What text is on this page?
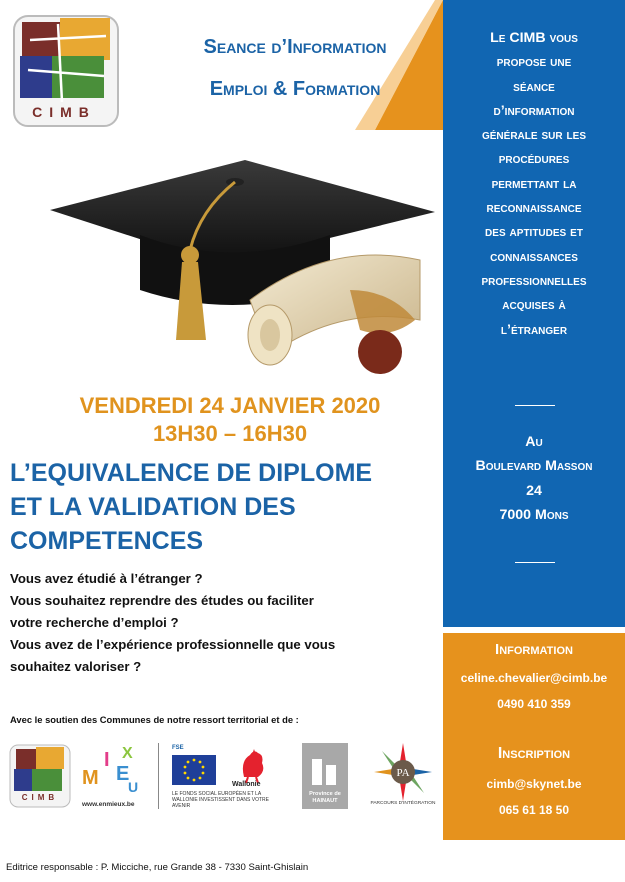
CIMB
Seance d’Information
Emploi & Formation
VENDREDI 24 JANVIER 2020
13H30 – 16H30
L’EQUIVALENCE DE DIPLOME
ET LA VALIDATION DES
COMPETENCES
Vous avez étudié à l’étranger ?
Vous souhaitez reprendre des études ou faciliter
votre recherche d’emploi ?
Vous avez de l’expérience professionnelle que vous
souhaitez valoriser ?
Avec le soutien des Communes de notre ressort territorial et de :
CIMB
M
I
E
X
U
www.enmieux.be
FSE
LE FONDS SOCIAL EUROPÉEN ET LA WALLONIE INVESTISSENT DANS VOTRE AVENIR
Wallonie
Province de HAINAUT
PA
PARCOURS D'INTÉGRATION
Editrice responsable : P. Micciche, rue Grande 38 - 7330 Saint-Ghislain
Le CIMB vous
propose une
séance
d’information
générale sur les
procédures
permettant la
reconnaissance
des aptitudes et
connaissances
professionnelles
acquises à
l’étranger
Au
Boulevard Masson
24
7000 Mons
Information
celine.chevalier@cimb.be
0490 410 359
Inscription
cimb@skynet.be
065 61 18 50
